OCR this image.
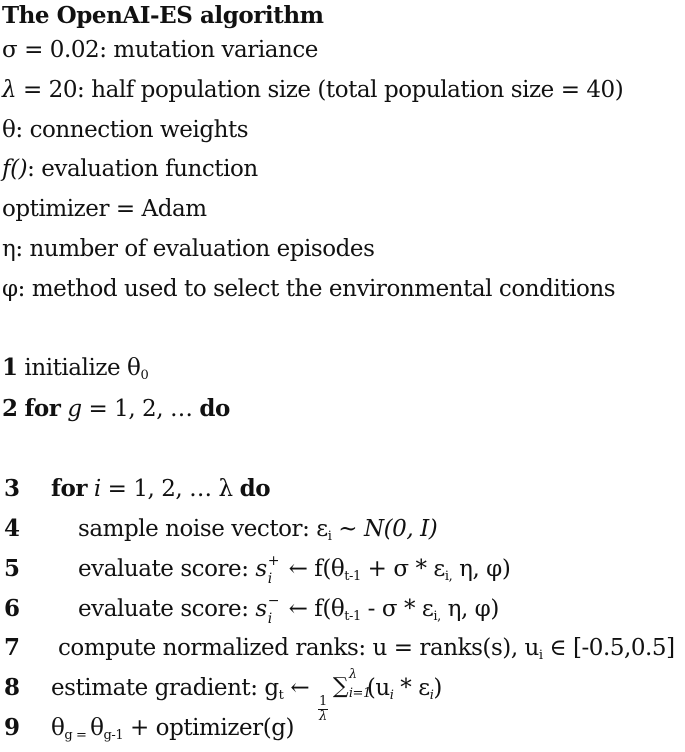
The OpenAI-ES algorithm
σ = 0.02: mutation variance
λ = 20: half population size (total population size = 40)
θ: connection weights
f(): evaluation function
optimizer = Adam
η: number of evaluation episodes
φ: method used to select the environmental conditions
1 initialize $\theta_0$
2 for g = 1, 2, … do
3 for i = 1, 2, … λ do
4	sample noise vector: $\varepsilon_i$ ~ N(0, I)
5	evaluate score: s +
i ← $f(\theta_{t-1} + \sigma * \varepsilon_{i,}$ η, φ)
6	evaluate score: s −
i ← $f(\theta_{t-1}$ - σ * $\varepsilon_{i,}$ η, φ)
7 compute normalized ranks: u = ranks(s), $u_i$ ∈ [-0.5,0.5]
8 estimate gradient: $g_t$ ←
$\frac{1}{\lambda}$
∑ λ
i=1
$(u_i * \varepsilon_i)$
9 $\theta_{g =}$ $\theta_{g-1}$ + optimizer(g)
